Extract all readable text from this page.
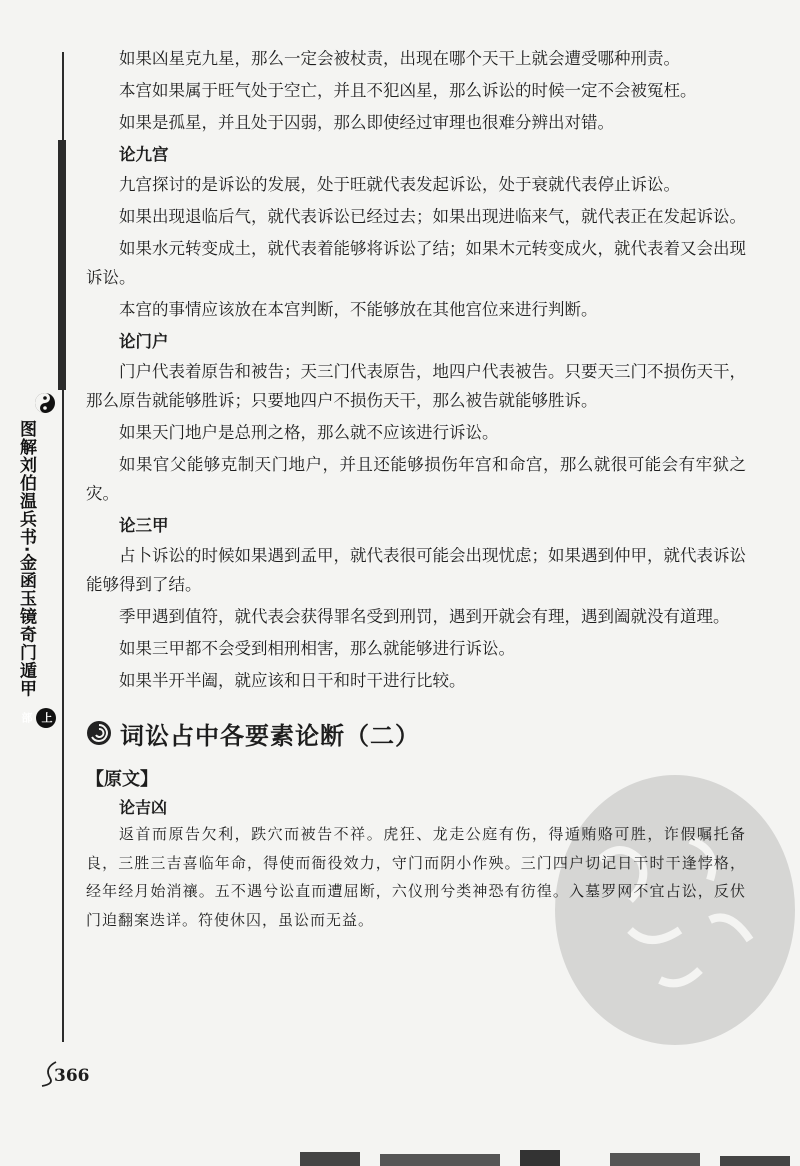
图解刘伯温兵书·金函玉镜奇门遁甲 上部

如果凶星克九星，那么一定会被杖责，出现在哪个天干上就会遭受哪种刑责。

本宫如果属于旺气处于空亡，并且不犯凶星，那么诉讼的时候一定不会被冤枉。

如果是孤星，并且处于囚弱，那么即使经过审理也很难分辨出对错。

论九宫

九宫探讨的是诉讼的发展，处于旺就代表发起诉讼，处于衰就代表停止诉讼。

如果出现退临后气，就代表诉讼已经过去；如果出现进临来气，就代表正在发起诉讼。

如果水元转变成土，就代表着能够将诉讼了结；如果木元转变成火，就代表着又会出现诉讼。

本宫的事情应该放在本宫判断，不能够放在其他宫位来进行判断。

论门户

门户代表着原告和被告；天三门代表原告，地四户代表被告。只要天三门不损伤天干，那么原告就能够胜诉；只要地四户不损伤天干，那么被告就能够胜诉。

如果天门地户是总刑之格，那么就不应该进行诉讼。

如果官父能够克制天门地户，并且还能够损伤年宫和命宫，那么就很可能会有牢狱之灾。

论三甲

占卜诉讼的时候如果遇到孟甲，就代表很可能会出现忧虑；如果遇到仲甲，就代表诉讼能够得到了结。

季甲遇到值符，就代表会获得罪名受到刑罚，遇到开就会有理，遇到阖就没有道理。

如果三甲都不会受到相刑相害，那么就能够进行诉讼。

如果半开半阖，就应该和日干和时干进行比较。

词讼占中各要素论断（二）
【原文】
论吉凶

返首而原告欠利，跌穴而被告不祥。虎狂、龙走公庭有伤，得遁贿赂可胜，诈假嘱托备良，三胜三吉喜临年命，得使而衙役效力，守门而阴小作殃。三门四户切记日干时干逢悖格，经年经月始消禳。五不遇兮讼直而遭屈断，六仪刑兮类神恐有彷徨。入墓罗网不宜占讼，反伏门迫翻案迭详。符使休囚，虽讼而无益。

366
